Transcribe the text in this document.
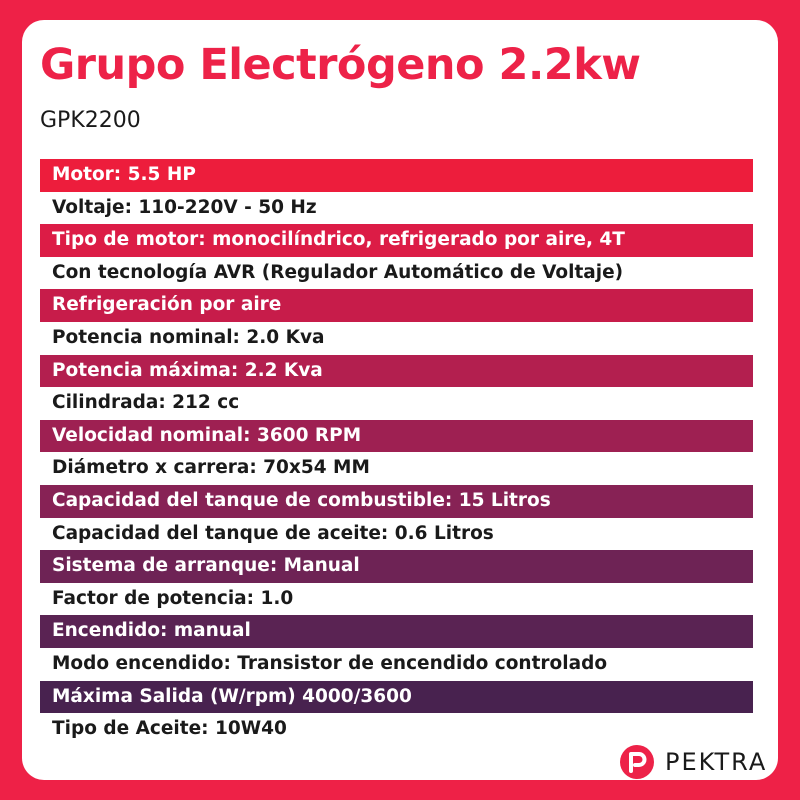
Grupo Electrógeno 2.2kw
GPK2200
Motor: 5.5 HP
Voltaje: 110-220V - 50 Hz
Tipo de motor: monocilíndrico, refrigerado por aire, 4T
Con tecnología AVR (Regulador Automático de Voltaje)
Refrigeración por aire
Potencia nominal: 2.0 Kva
Potencia máxima: 2.2 Kva
Cilindrada: 212 cc
Velocidad nominal: 3600 RPM
Diámetro x carrera: 70x54 MM
Capacidad del tanque de combustible: 15 Litros
Capacidad del tanque de aceite: 0.6 Litros
Sistema de arranque: Manual
Factor de potencia: 1.0
Encendido: manual
Modo encendido: Transistor de encendido controlado
Máxima Salida (W/rpm) 4000/3600
Tipo de Aceite: 10W40
PEKTRA
